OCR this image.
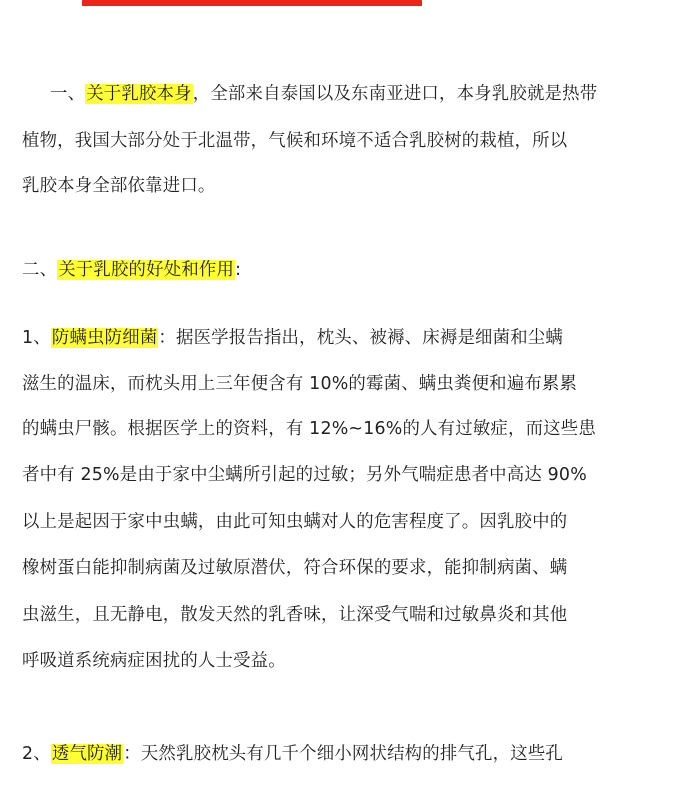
一、关于乳胶本身，全部来自泰国以及东南亚进口，本身乳胶就是热带
植物，我国大部分处于北温带，气候和环境不适合乳胶树的栽植，所以
乳胶本身全部依靠进口。
二、关于乳胶的好处和作用:
1、防螨虫防细菌：据医学报告指出，枕头、被褥、床褥是细菌和尘螨
滋生的温床，而枕头用上三年便含有 10%的霉菌、螨虫粪便和遍布累累
的螨虫尸骸。根据医学上的资料，有 12%~16%的人有过敏症，而这些患
者中有 25%是由于家中尘螨所引起的过敏；另外气喘症患者中高达 90%
以上是起因于家中虫螨，由此可知虫螨对人的危害程度了。因乳胶中的
橡树蛋白能抑制病菌及过敏原潜伏，符合环保的要求，能抑制病菌、螨
虫滋生，且无静电，散发天然的乳香味，让深受气喘和过敏鼻炎和其他
呼吸道系统病症困扰的人士受益。
2、透气防潮：天然乳胶枕头有几千个细小网状结构的排气孔，这些孔
